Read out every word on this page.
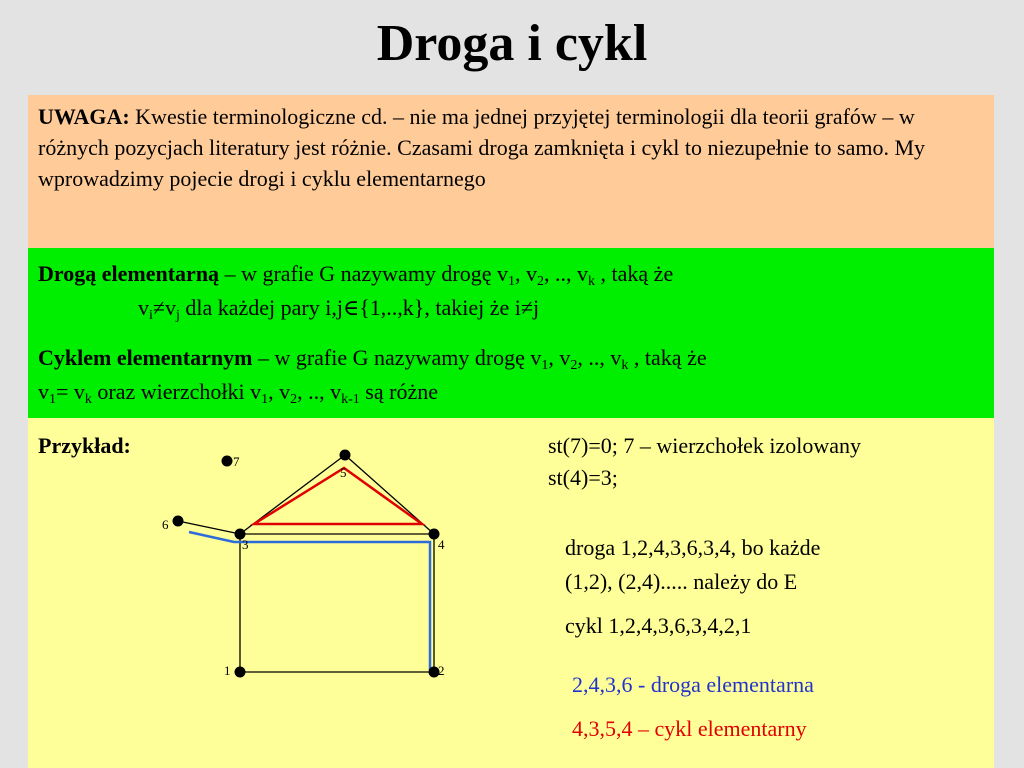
Droga i cykl
UWAGA: Kwestie terminologiczne cd. – nie ma jednej przyjętej terminologii dla teorii grafów – w różnych pozycjach literatury jest różnie. Czasami droga zamknięta i cykl to niezupełnie to samo. My wprowadzimy pojecie drogi i cyklu elementarnego
Drogą elementarną – w grafie G nazywamy drogę $v_1$, $v_2$, .., $v_k$ , taką że
$v_i\ne v_j$ dla każdej pary i,j∈{1,..,k}, takiej że i≠j
Cyklem elementarnym – w grafie G nazywamy drogę $v_1$, $v_2$, .., $v_k$ , taką że
$v_1= v_k$ oraz wierzchołki $v_1$, $v_2$, .., $v_{k-1}$ są różne
Przykład:	st(7)=0; 7 – wierzchołek izolowany
st(4)=3;
droga 1,2,4,3,6,3,4, bo każde
(1,2), (2,4)..... należy do E
cykl 1,2,4,3,6,3,4,2,1
2,4,3,6 - droga elementarna
4,3,5,4 – cykl elementarny
1	2
3	4
5
6
7
